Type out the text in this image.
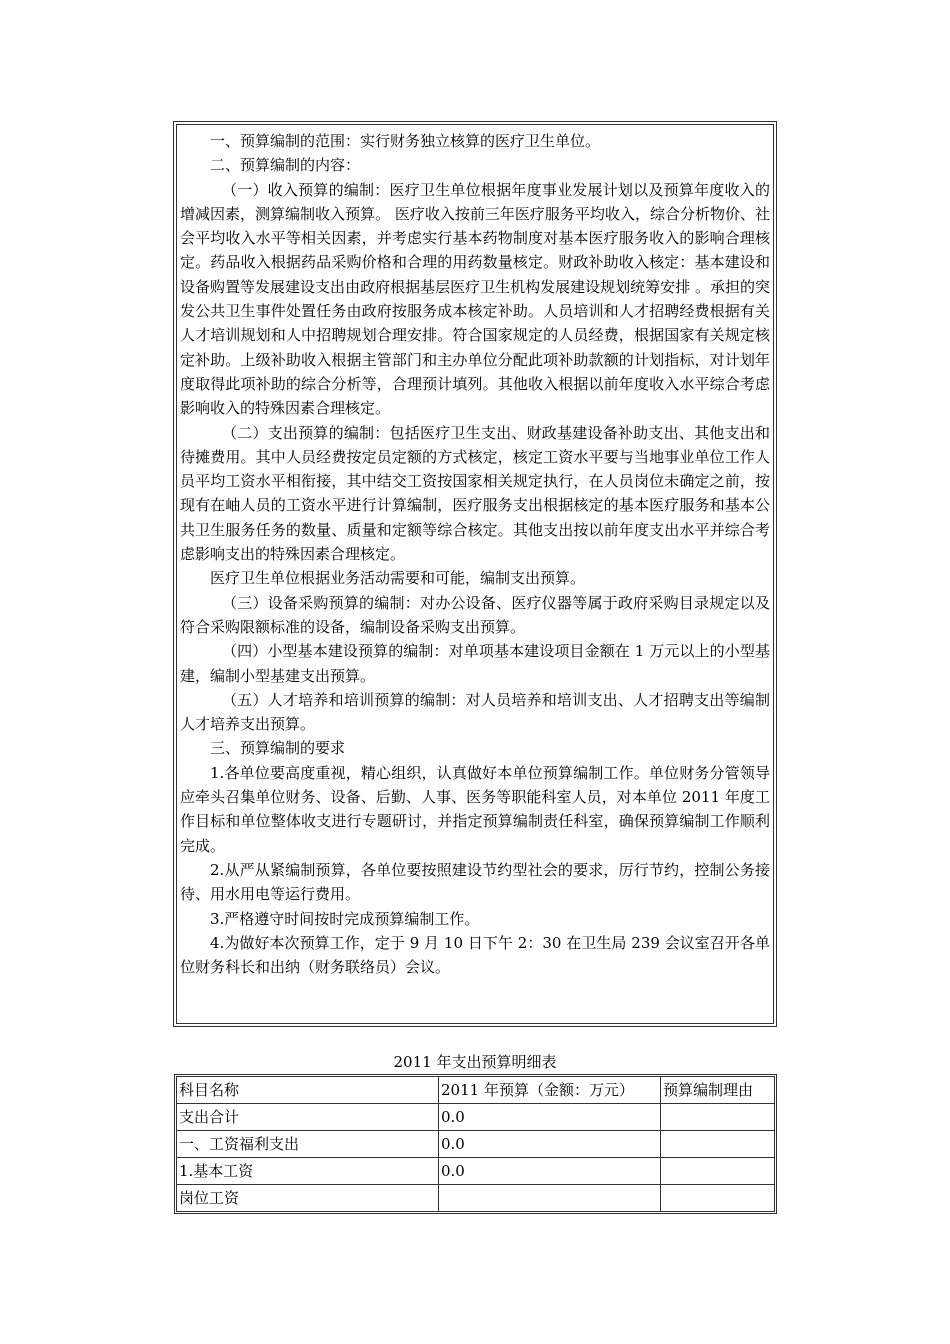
一、预算编制的范围：实行财务独立核算的医疗卫生单位。

二、预算编制的内容：

（一）收入预算的编制：医疗卫生单位根据年度事业发展计划以及预算年度收入的增减因素，测算编制收入预算。 医疗收入按前三年医疗服务平均收入，综合分析物价、社会平均收入水平等相关因素，并考虑实行基本药物制度对基本医疗服务收入的影响合理核定。药品收入根据药品采购价格和合理的用药数量核定。财政补助收入核定：基本建设和设备购置等发展建设支出由政府根据基层医疗卫生机构发展建设规划统筹安排 。承担的突发公共卫生事件处置任务由政府按服务成本核定补助。人员培训和人才招聘经费根据有关人才培训规划和人中招聘规划合理安排。符合国家规定的人员经费，根据国家有关规定核定补助。上级补助收入根据主管部门和主办单位分配此项补助款额的计划指标，对计划年度取得此项补助的综合分析等，合理预计填列。其他收入根据以前年度收入水平综合考虑影响收入的特殊因素合理核定。

（二）支出预算的编制：包括医疗卫生支出、财政基建设备补助支出、其他支出和待摊费用。其中人员经费按定员定额的方式核定，核定工资水平要与当地事业单位工作人员平均工资水平相衔接，其中结交工资按国家相关规定执行，在人员岗位未确定之前，按现有在岫人员的工资水平进行计算编制，医疗服务支出根据核定的基本医疗服务和基本公共卫生服务任务的数量、质量和定额等综合核定。其他支出按以前年度支出水平并综合考虑影响支出的特殊因素合理核定。

医疗卫生单位根据业务活动需要和可能，编制支出预算。

（三）设备采购预算的编制：对办公设备、医疗仪器等属于政府采购目录规定以及符合采购限额标准的设备，编制设备采购支出预算。

（四）小型基本建设预算的编制：对单项基本建设项目金额在 1 万元以上的小型基建，编制小型基建支出预算。

（五）人才培养和培训预算的编制：对人员培养和培训支出、人才招聘支出等编制人才培养支出预算。

三、预算编制的要求

1.各单位要高度重视，精心组织，认真做好本单位预算编制工作。单位财务分管领导应牵头召集单位财务、设备、后勤、人事、医务等职能科室人员，对本单位 2011 年度工作目标和单位整体收支进行专题研讨，并指定预算编制责任科室，确保预算编制工作顺利完成。

2.从严从紧编制预算，各单位要按照建设节约型社会的要求，厉行节约，控制公务接待、用水用电等运行费用。

3.严格遵守时间按时完成预算编制工作。

4.为做好本次预算工作，定于 9 月 10 日下午 2：30 在卫生局 239 会议室召开各单位财务科长和出纳（财务联络员）会议。

2011 年支出预算明细表
科目名称	2011 年预算（金额：万元）	预算编制理由
支出合计	0.0	
一、工资福利支出	0.0	
1.基本工资	0.0	
岗位工资		
